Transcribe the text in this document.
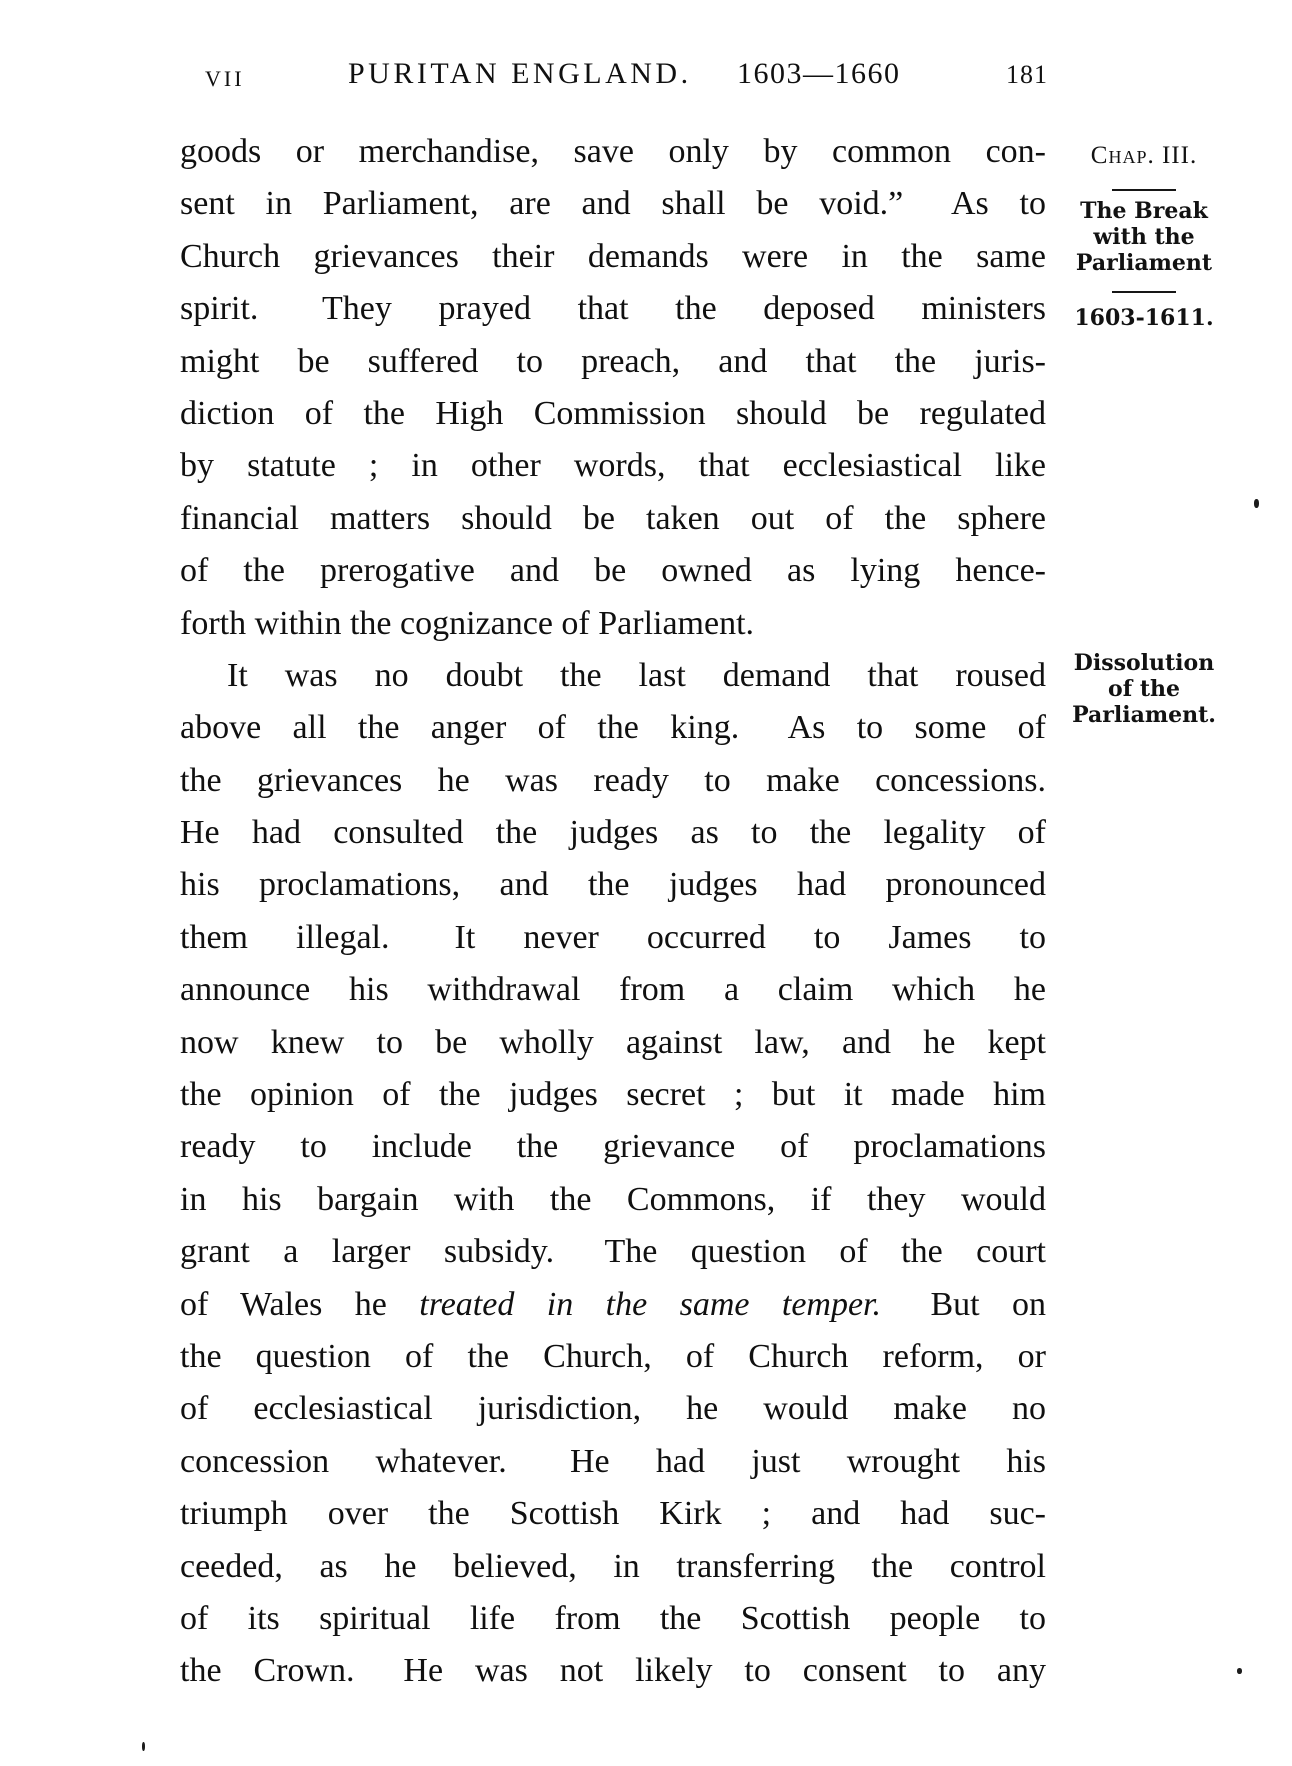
VII	PURITAN ENGLAND. 1603—1660	181
goods or merchandise, save only by common con-
sent in Parliament, are and shall be void.”  As to
Church grievances their demands were in the same
spirit.  They prayed that the deposed ministers
might be suffered to preach, and that the juris-
diction of the High Commission should be regulated
by statute ; in other words, that ecclesiastical like
financial matters should be taken out of the sphere
of the prerogative and be owned as lying hence-
forth within the cognizance of Parliament.
It was no doubt the last demand that roused
above all the anger of the king.  As to some of
the grievances he was ready to make concessions.
He had consulted the judges as to the legality of
his proclamations, and the judges had pronounced
them illegal.  It never occurred to James to
announce his withdrawal from a claim which he
now knew to be wholly against law, and he kept
the opinion of the judges secret ; but it made him
ready to include the grievance of proclamations
in his bargain with the Commons, if they would
grant a larger subsidy.  The question of the court
of Wales he treated in the same temper.  But on
the question of the Church, of Church reform, or
of ecclesiastical jurisdiction, he would make no
concession whatever.  He had just wrought his
triumph over the Scottish Kirk ; and had suc-
ceeded, as he believed, in transferring the control
of its spiritual life from the Scottish people to
the Crown.  He was not likely to consent to any
Chap. III.
The Break
with the
Parliament
1603-1611.
Dissolution
of the
Parliament.
